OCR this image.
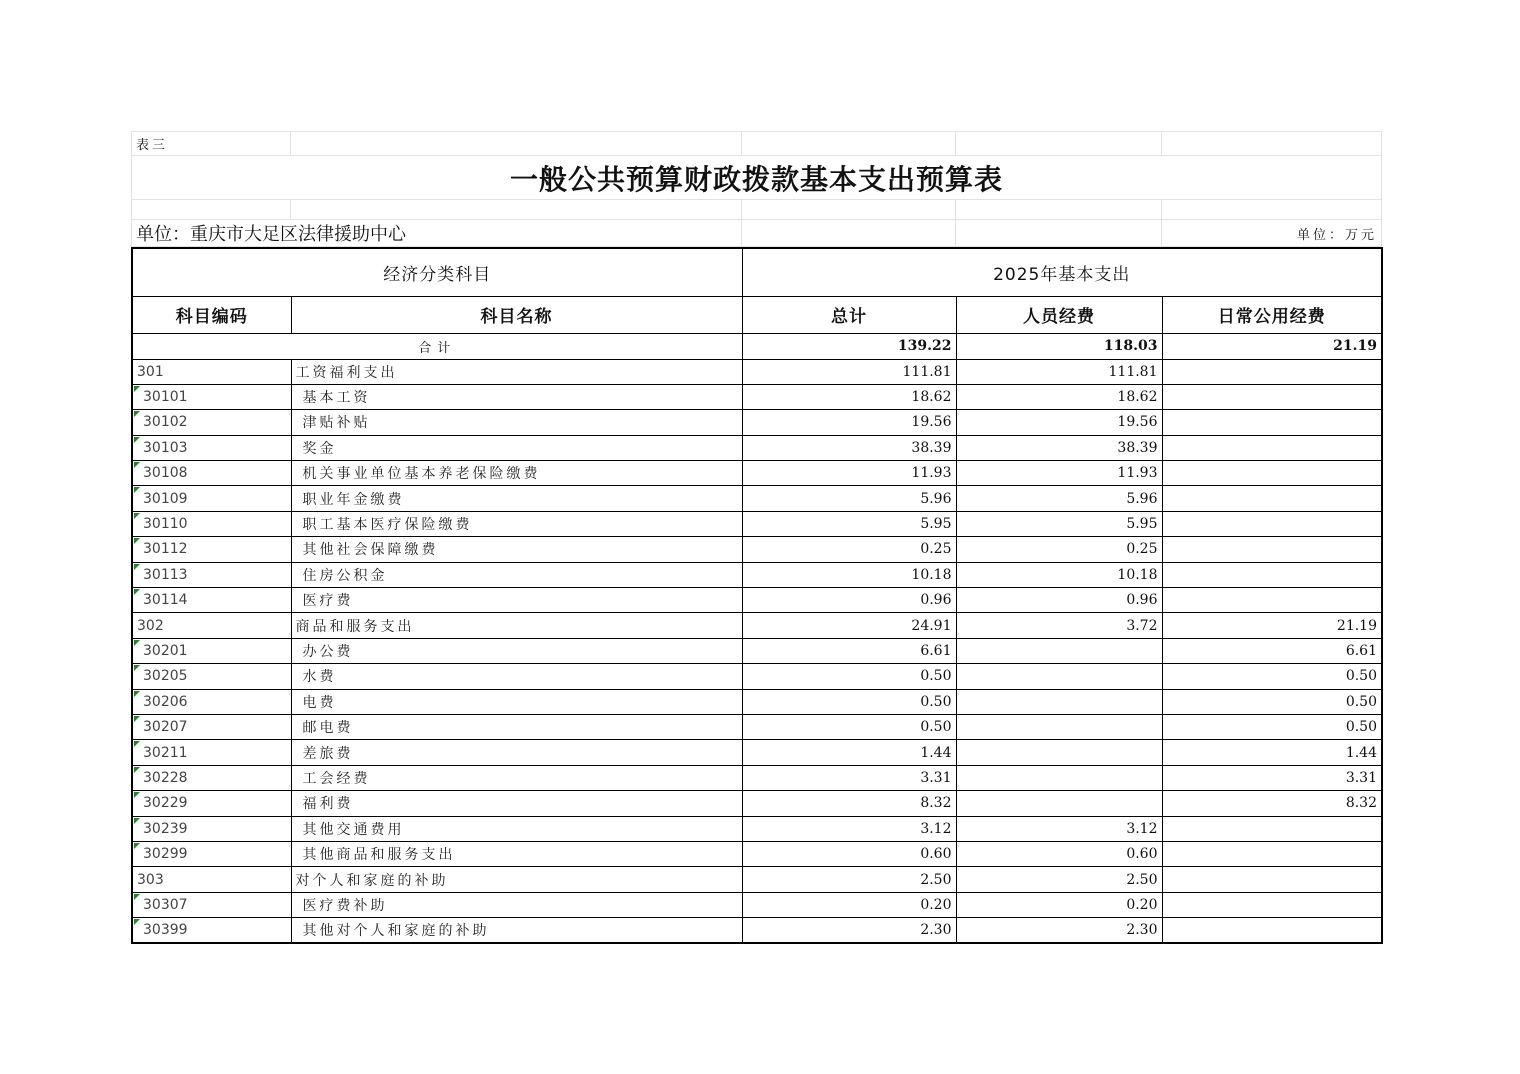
表三				
一般公共预算财政拨款基本支出预算表				

单位：重庆市大足区法律援助中心				单位：万元
经济分类科目		2025年基本支出		
科目编码	科目名称	总计	人员经费	日常公用经费
合计		139.22	118.03	21.19
301	工资福利支出	111.81	111.81	
30101	基本工资	18.62	18.62	
30102	津贴补贴	19.56	19.56	
30103	奖金	38.39	38.39	
30108	机关事业单位基本养老保险缴费	11.93	11.93	
30109	职业年金缴费	5.96	5.96	
30110	职工基本医疗保险缴费	5.95	5.95	
30112	其他社会保障缴费	0.25	0.25	
30113	住房公积金	10.18	10.18	
30114	医疗费	0.96	0.96	
302	商品和服务支出	24.91	3.72	21.19
30201	办公费	6.61		6.61
30205	水费	0.50		0.50
30206	电费	0.50		0.50
30207	邮电费	0.50		0.50
30211	差旅费	1.44		1.44
30228	工会经费	3.31		3.31
30229	福利费	8.32		8.32
30239	其他交通费用	3.12	3.12	
30299	其他商品和服务支出	0.60	0.60	
303	对个人和家庭的补助	2.50	2.50	
30307	医疗费补助	0.20	0.20	
30399	其他对个人和家庭的补助	2.30	2.30	
